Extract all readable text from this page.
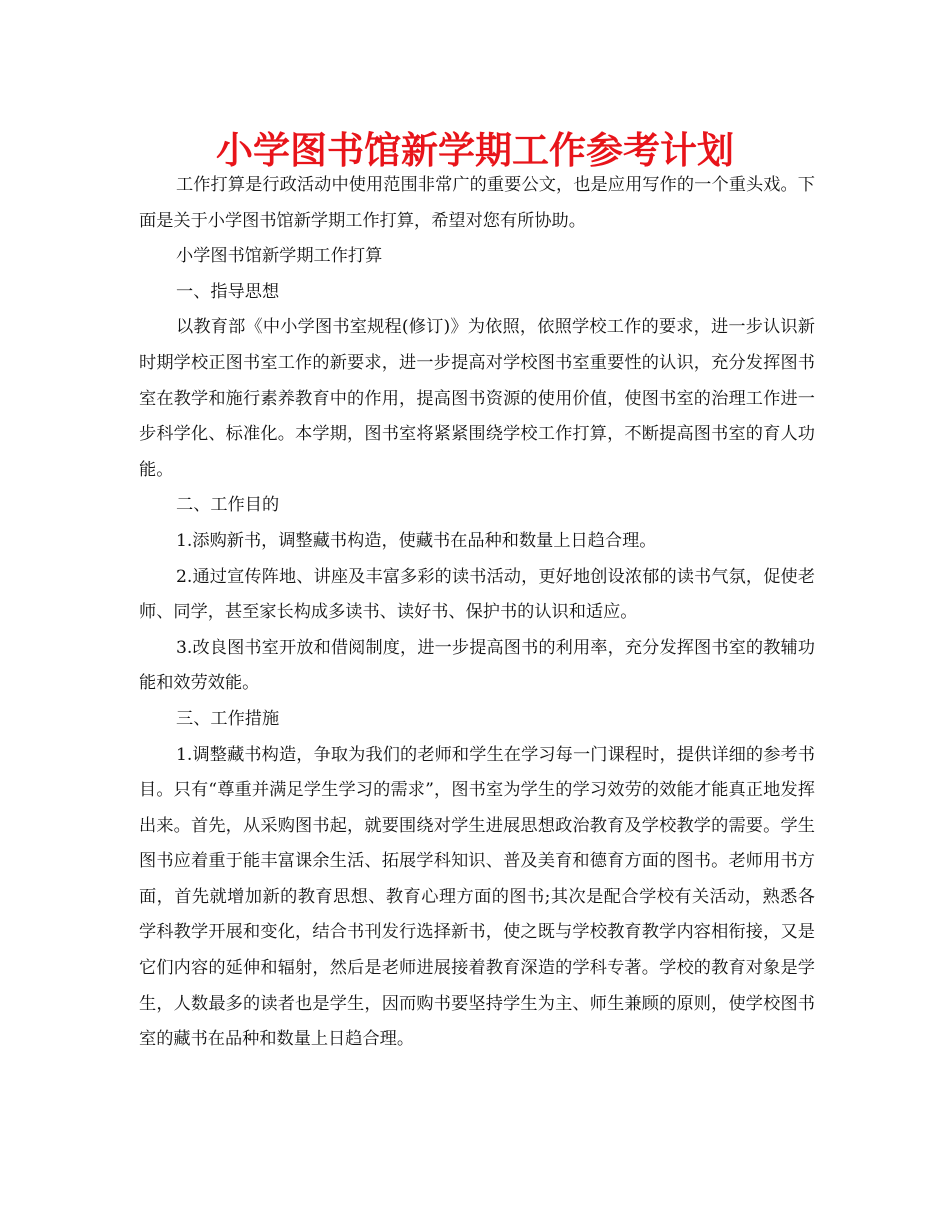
小学图书馆新学期工作参考计划

工作打算是行政活动中使用范围非常广的重要公文，也是应用写作的一个重头戏。下面是关于小学图书馆新学期工作打算，希望对您有所协助。

小学图书馆新学期工作打算

一、指导思想

以教育部《中小学图书室规程(修订)》为依照，依照学校工作的要求，进一步认识新时期学校正图书室工作的新要求，进一步提高对学校图书室重要性的认识，充分发挥图书室在教学和施行素养教育中的作用，提高图书资源的使用价值，使图书室的治理工作进一步科学化、标准化。本学期，图书室将紧紧围绕学校工作打算，不断提高图书室的育人功能。

二、工作目的

1.添购新书，调整藏书构造，使藏书在品种和数量上日趋合理。

2.通过宣传阵地、讲座及丰富多彩的读书活动，更好地创设浓郁的读书气氛，促使老师、同学，甚至家长构成多读书、读好书、保护书的认识和适应。

3.改良图书室开放和借阅制度，进一步提高图书的利用率，充分发挥图书室的教辅功能和效劳效能。

三、工作措施

1.调整藏书构造，争取为我们的老师和学生在学习每一门课程时，提供详细的参考书目。只有“尊重并满足学生学习的需求”，图书室为学生的学习效劳的效能才能真正地发挥出来。首先，从采购图书起，就要围绕对学生进展思想政治教育及学校教学的需要。学生图书应着重于能丰富课余生活、拓展学科知识、普及美育和德育方面的图书。老师用书方面，首先就增加新的教育思想、教育心理方面的图书;其次是配合学校有关活动，熟悉各学科教学开展和变化，结合书刊发行选择新书，使之既与学校教育教学内容相衔接，又是它们内容的延伸和辐射，然后是老师进展接着教育深造的学科专著。学校的教育对象是学生，人数最多的读者也是学生，因而购书要坚持学生为主、师生兼顾的原则，使学校图书室的藏书在品种和数量上日趋合理。
